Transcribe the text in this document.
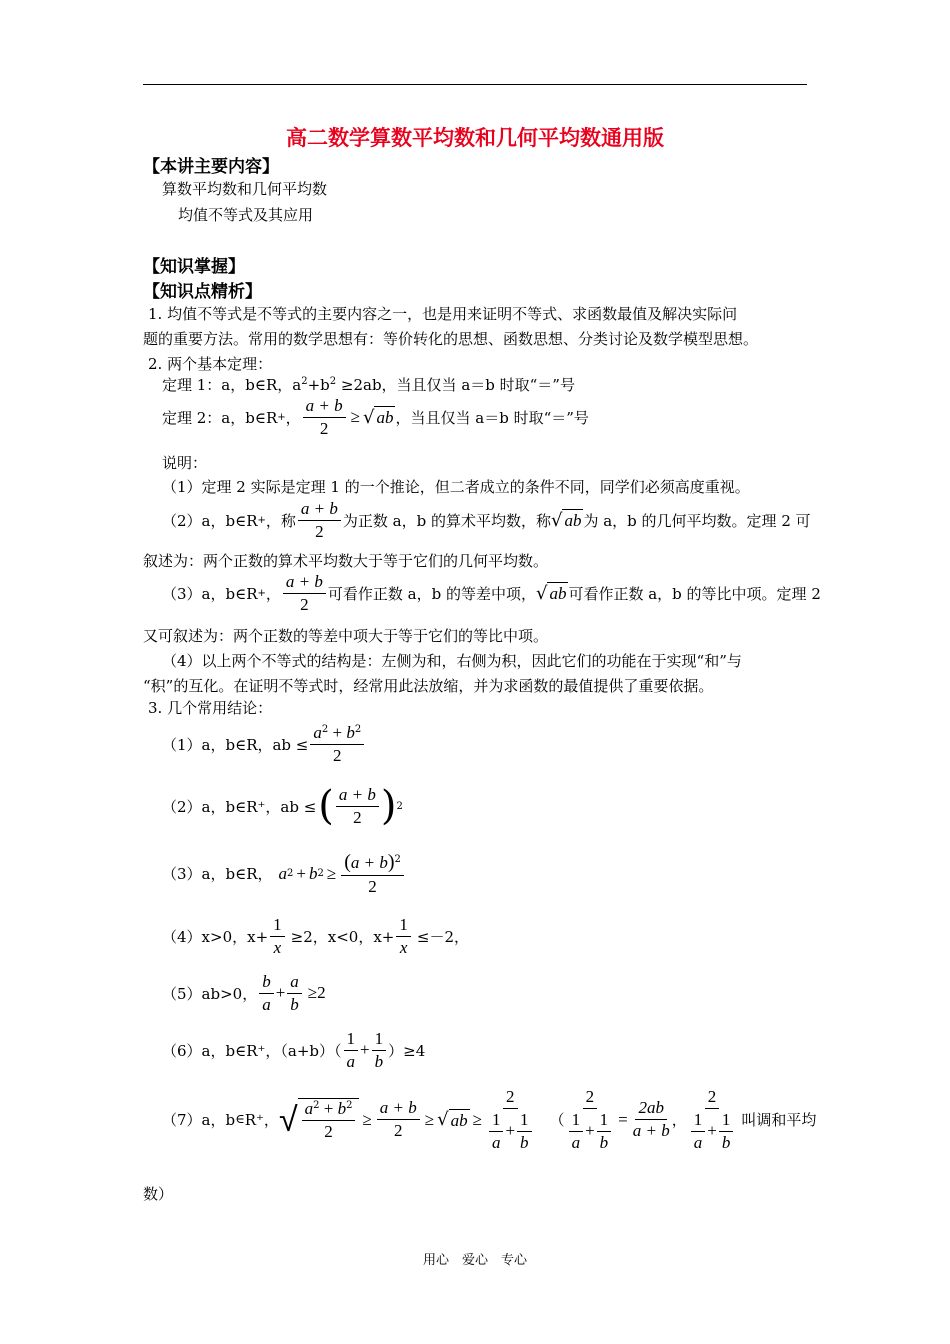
高二数学算数平均数和几何平均数通用版
【本讲主要内容】
算数平均数和几何平均数
均值不等式及其应用
【知识掌握】
【知识点精析】
1. 均值不等式是不等式的主要内容之一，也是用来证明不等式、求函数最值及解决实际问
题的重要方法。常用的数学思想有：等价转化的思想、函数思想、分类讨论及数学模型思想。
2. 两个基本定理：
定理 1：a，b∈R，$a^2+b^2 \ge 2ab$，当且仅当 a＝b 时取“＝”号
定理 2：a，b∈R + ， $\frac{a + b}{2}$ ≥ √ ab ，当且仅当 a＝b 时取“＝”号
说明：
（1）定理 2 实际是定理 1 的一个推论，但二者成立的条件不同，同学们必须高度重视。
（2）a，b∈R + ，称 $\frac{a + b}{2}$ 为正数 a，b 的算术平均数，称 √ ab 为 a，b 的几何平均数。定理 2 可
叙述为：两个正数的算术平均数大于等于它们的几何平均数。
（3）a，b∈R + ， $\frac{a + b}{2}$ 可看作正数 a，b 的等差中项， √ ab 可看作正数 a，b 的等比中项。定理 2
又可叙述为：两个正数的等差中项大于等于它们的等比中项。
（4）以上两个不等式的结构是：左侧为和，右侧为积，因此它们的功能在于实现“和”与
“积”的互化。在证明不等式时，经常用此法放缩，并为求函数的最值提供了重要依据。
3. 几个常用结论：
（1）a，b∈R，ab ≤ $\frac{a^2 + b^2}{2}$
（2）a，b∈R⁺，ab ≤ ( $\frac{a + b}{2}$ ) 2
（3）a，b∈R， a 2 + b $2 \ge \frac{(a + b)^2}{2}$
（4）x>0，$x+ \frac{1}{x} \ge 2$，x<0，$x+ \frac{1}{x} \le-2$，
（5）ab>0， $\frac{b}{a} + \frac{a}{b} \ge 2$
（6）a，b∈R⁺，$(a+b)( \frac{1}{a} + \frac{1}{b} )\ge 4$
（7）a，b ∈ R⁺， √ $\frac{a^2 + b^2}{2} \ge \frac{a + b}{2}$ ≥ √ ab ≥ $\frac{2}{\frac{1}{a} + \frac{1}{b}}$ （ $\frac{2}{\frac{1}{a} + \frac{1}{b}} = \frac{2ab}{a + b}$ ， $\frac{2}{\frac{1}{a} + \frac{1}{b}}$ 叫调和平均
数）
用心　爱心　专心
